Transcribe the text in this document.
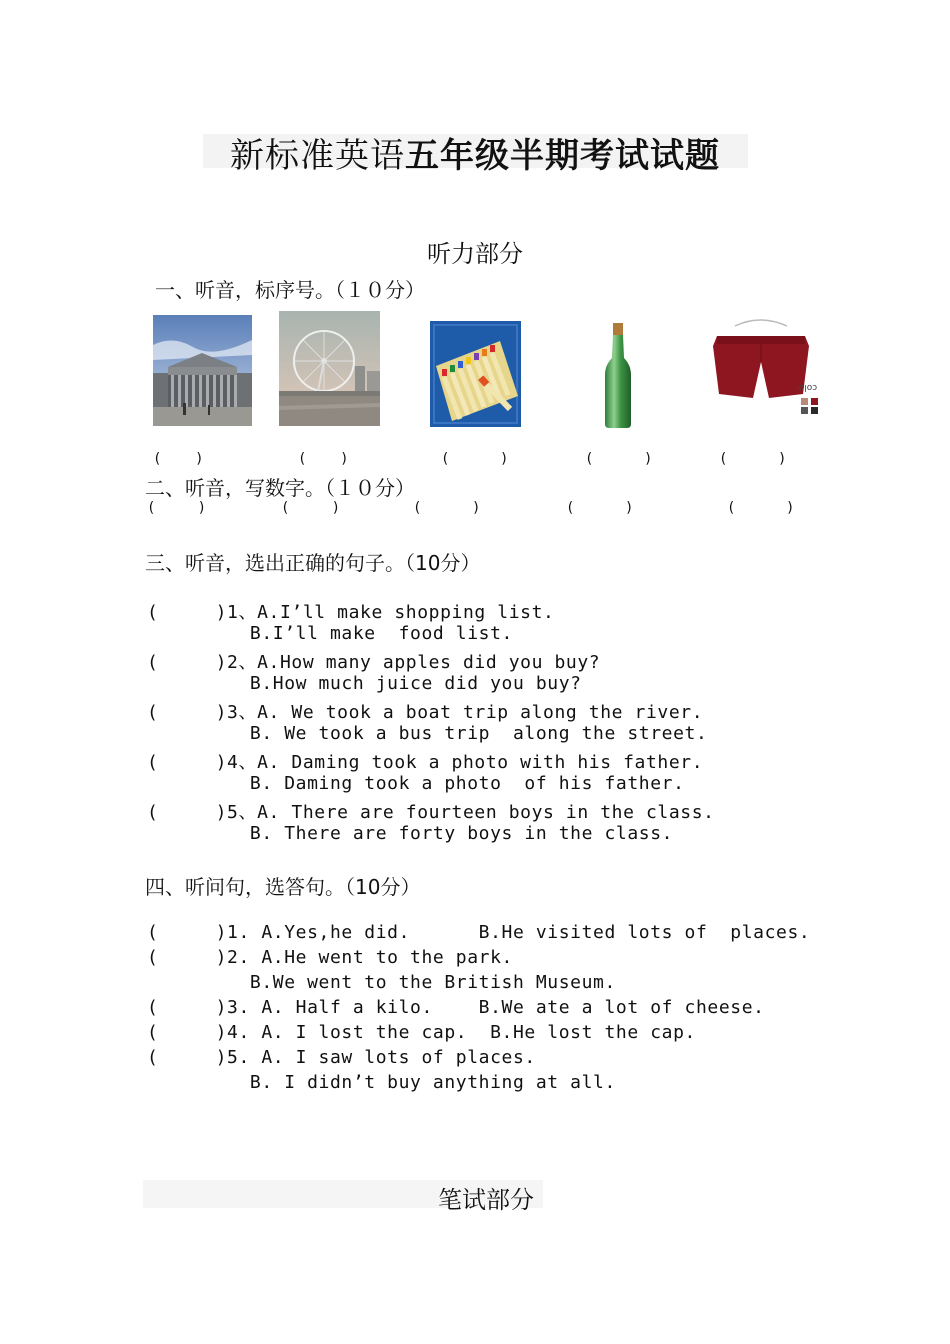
新标准英语五年级半期考试试题
听力部分
一、听音，标序号。（１０分）
color
(    )	(    )	(      )	(      )	(      )
二、听音，写数字。（１０分）
(     )	(     )	(      )	(      )	(      )
三、听音，选出正确的句子。（10分）
(     )1、A.I’ll make shopping list.
B.I’ll make  food list.
(     )2、A.How many apples did you buy?
B.How much juice did you buy?
(     )3、A. We took a boat trip along the river.
B. We took a bus trip  along the street.
(     )4、A. Daming took a photo with his father.
B. Daming took a photo  of his father.
(     )5、A. There are fourteen boys in the class.
B. There are forty boys in the class.
四、听问句，选答句。（10分）
(     )1. A.Yes,he did.      B.He visited lots of  places.
(     )2. A.He went to the park.
B.We went to the British Museum.
(     )3. A. Half a kilo.    B.We ate a lot of cheese.
(     )4. A. I lost the cap.  B.He lost the cap.
(     )5. A. I saw lots of places.
B. I didn’t buy anything at all.
笔试部分
